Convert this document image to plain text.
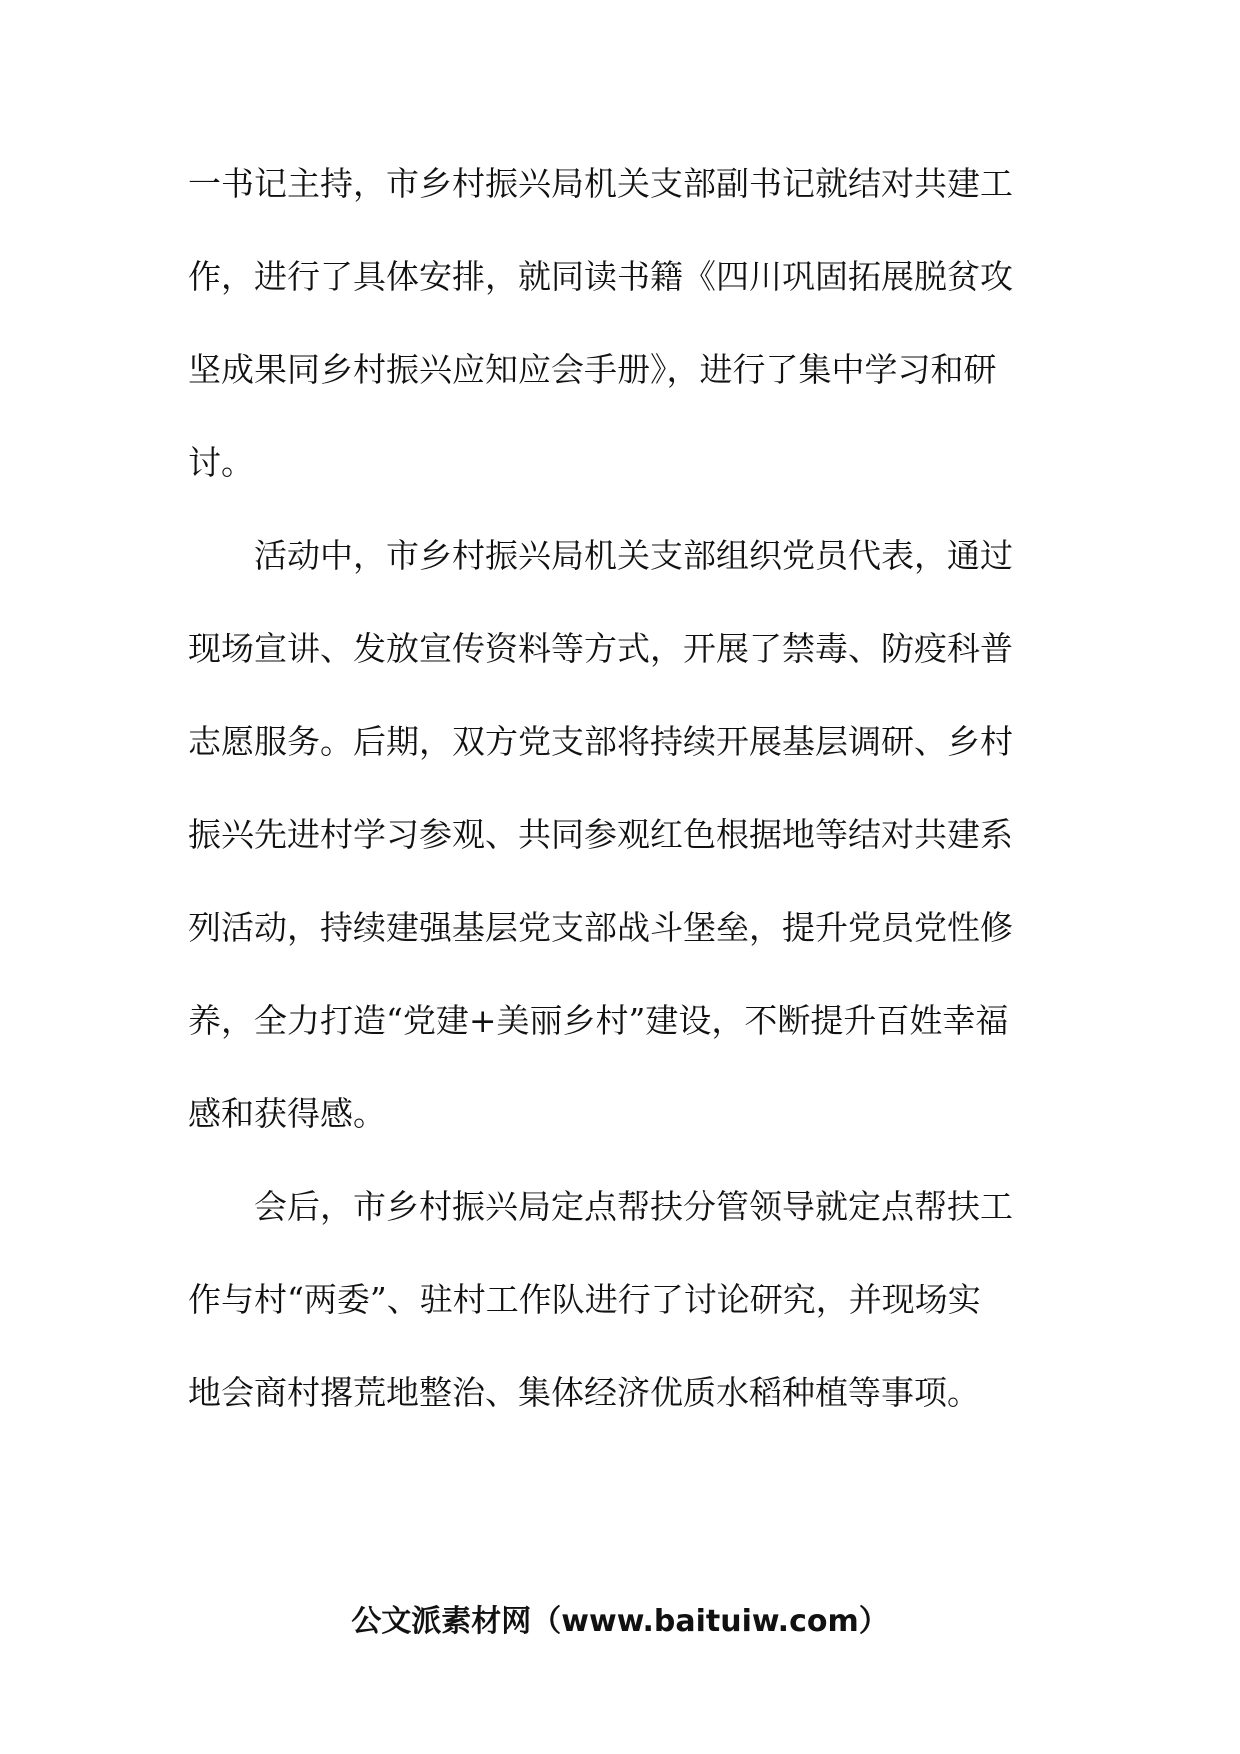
一书记主持，市乡村振兴局机关支部副书记就结对共建工
作，进行了具体安排，就同读书籍《四川巩固拓展脱贫攻
坚成果同乡村振兴应知应会手册》，进行了集中学习和研
讨。
　　活动中，市乡村振兴局机关支部组织党员代表，通过
现场宣讲、发放宣传资料等方式，开展了禁毒、防疫科普
志愿服务。后期，双方党支部将持续开展基层调研、乡村
振兴先进村学习参观、共同参观红色根据地等结对共建系
列活动，持续建强基层党支部战斗堡垒，提升党员党性修
养，全力打造“党建+美丽乡村”建设，不断提升百姓幸福
感和获得感。
　　会后，市乡村振兴局定点帮扶分管领导就定点帮扶工
作与村“两委”、驻村工作队进行了讨论研究，并现场实
地会商村撂荒地整治、集体经济优质水稻种植等事项。
公文派素材网（www.baituiw.com）
